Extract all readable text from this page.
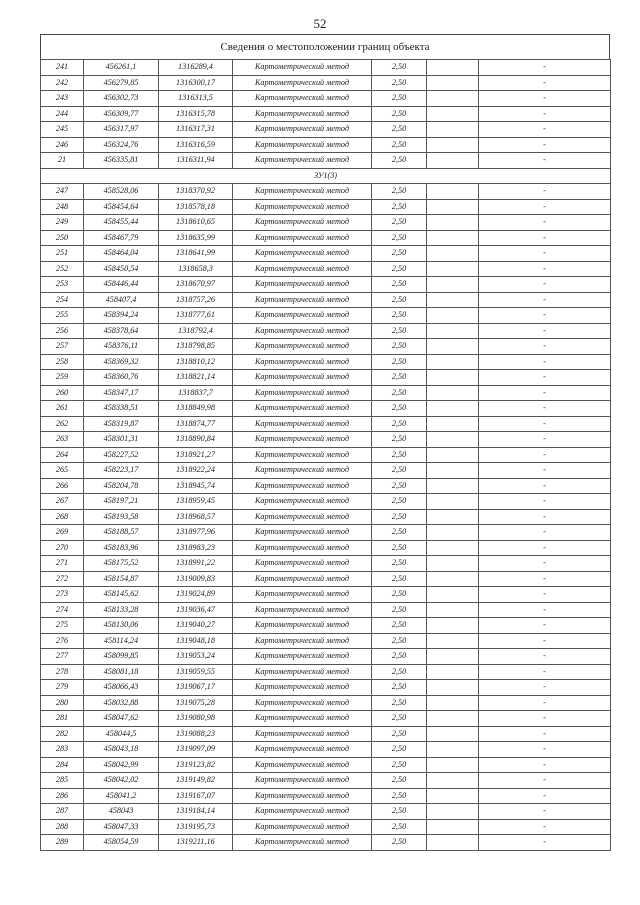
52
Сведения о местоположении границ объекта
241	456261,1	1316289,4	Картометрический метод	2,50		-
242	456279,85	1316300,17	Картометрический метод	2,50		-
243	456302,73	1316313,5	Картометрический метод	2,50		-
244	456309,77	1316315,78	Картометрический метод	2,50		-
245	456317,97	1316317,31	Картометрический метод	2,50		-
246	456324,76	1316316,59	Картометрический метод	2,50		-
21	456335,81	1316311,94	Картометрический метод	2,50		-
ЗУ1(3)						
247	458528,06	1318370,92	Картометрический метод	2,50		-
248	458454,64	1318578,18	Картометрический метод	2,50		-
249	458455,44	1318610,65	Картометрический метод	2,50		-
250	458467,79	1318635,99	Картометрический метод	2,50		-
251	458464,04	1318641,99	Картометрический метод	2,50		-
252	458450,54	1318658,3	Картометрический метод	2,50		-
253	458446,44	1318670,97	Картометрический метод	2,50		-
254	458407,4	1318757,26	Картометрический метод	2,50		-
255	458394,24	1318777,61	Картометрический метод	2,50		-
256	458378,64	1318792,4	Картометрический метод	2,50		-
257	458376,11	1318798,85	Картометрический метод	2,50		-
258	458369,32	1318810,12	Картометрический метод	2,50		-
259	458360,76	1318821,14	Картометрический метод	2,50		-
260	458347,17	1318837,7	Картометрический метод	2,50		-
261	458338,51	1318849,98	Картометрический метод	2,50		-
262	458319,87	1318874,77	Картометрический метод	2,50		-
263	458301,31	1318890,84	Картометрический метод	2,50		-
264	458227,52	1318921,27	Картометрический метод	2,50		-
265	458223,17	1318922,24	Картометрический метод	2,50		-
266	458204,78	1318945,74	Картометрический метод	2,50		-
267	458197,21	1318959,45	Картометрический метод	2,50		-
268	458193,58	1318968,57	Картометрический метод	2,50		-
269	458188,57	1318977,96	Картометрический метод	2,50		-
270	458183,96	1318983,23	Картометрический метод	2,50		-
271	458175,52	1318991,22	Картометрический метод	2,50		-
272	458154,87	1319009,83	Картометрический метод	2,50		-
273	458145,62	1319024,89	Картометрический метод	2,50		-
274	458133,28	1319036,47	Картометрический метод	2,50		-
275	458130,06	1319040,27	Картометрический метод	2,50		-
276	458114,24	1319048,18	Картометрический метод	2,50		-
277	458099,85	1319053,24	Картометрический метод	2,50		-
278	458081,18	1319059,55	Картометрический метод	2,50		-
279	458066,43	1319067,17	Картометрический метод	2,50		-
280	458032,88	1319075,28	Картометрический метод	2,50		-
281	458047,62	1319080,98	Картометрический метод	2,50		-
282	458044,5	1319088,23	Картометрический метод	2,50		-
283	458043,18	1319097,09	Картометрический метод	2,50		-
284	458042,99	1319123,82	Картометрический метод	2,50		-
285	458042,02	1319149,82	Картометрический метод	2,50		-
286	458041,2	1319167,07	Картометрический метод	2,50		-
287	458043	1319184,14	Картометрический метод	2,50		-
288	458047,33	1319195,73	Картометрический метод	2,50		-
289	458054,59	1319211,16	Картометрический метод	2,50		-
